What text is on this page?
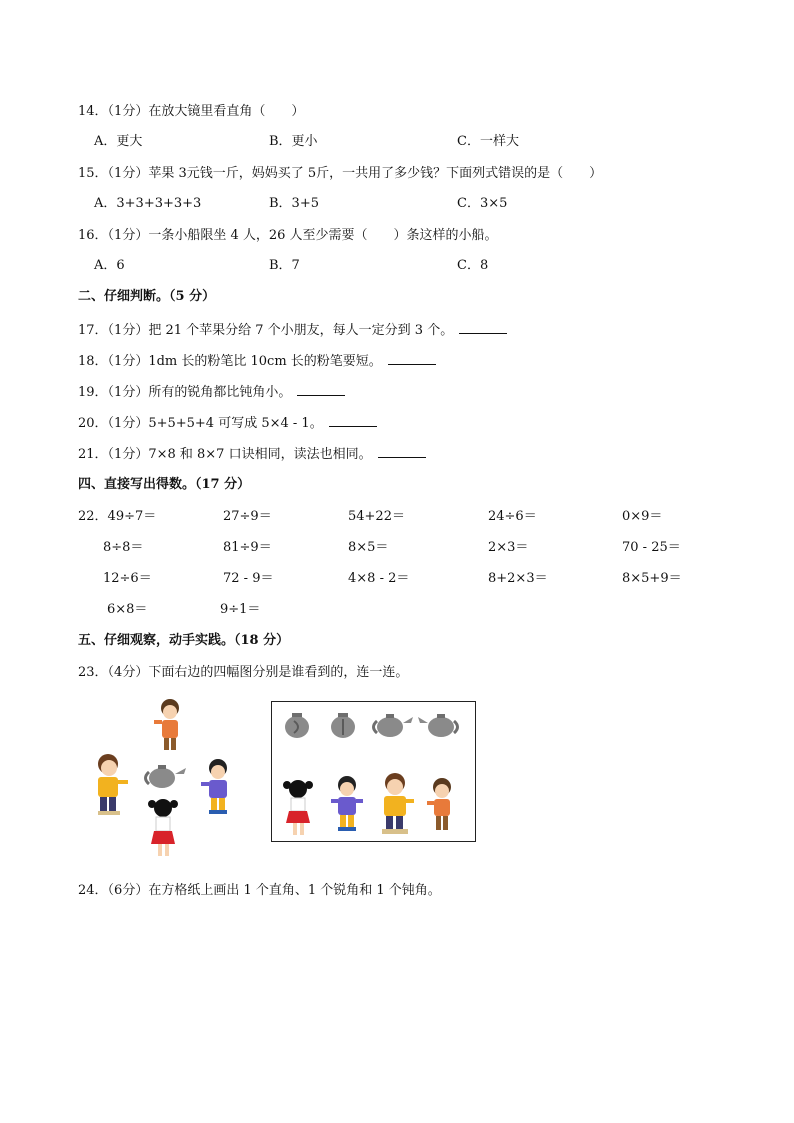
14．（1分）在放大镜里看直角（　　）
A．更大	B．更小	C．一样大
15．（1分）苹果 3元钱一斤，妈妈买了 5斤，一共用了多少钱？下面列式错误的是（　　）
A．3+3+3+3+3	B．3+5	C．3×5
16．（1分）一条小船限坐 4 人，26 人至少需要（　　）条这样的小船。
A．6	B．7	C．8
二、仔细判断。（5 分）
17．（1分）把 21 个苹果分给 7 个小朋友，每人一定分到 3 个。
18．（1分）1dm 长的粉笔比 10cm 长的粉笔要短。
19．（1分）所有的锐角都比钝角小。
20．（1分）5+5+5+4 可写成 5×4 - 1。
21．（1分）7×8 和 8×7 口诀相同，读法也相同。
四、直接写出得数。（17 分）
22．49÷7＝	27÷9＝	54+22＝	24÷6＝	0×9＝
8÷8＝	81÷9＝	8×5＝	2×3＝	70 - 25＝
12÷6＝	72 - 9＝	4×8 - 2＝	8+2×3＝	8×5+9＝
6×8＝	9÷1＝
五、仔细观察，动手实践。（18 分）
23．（4分）下面右边的四幅图分别是谁看到的，连一连。
24．（6分）在方格纸上画出 1 个直角、1 个锐角和 1 个钝角。
